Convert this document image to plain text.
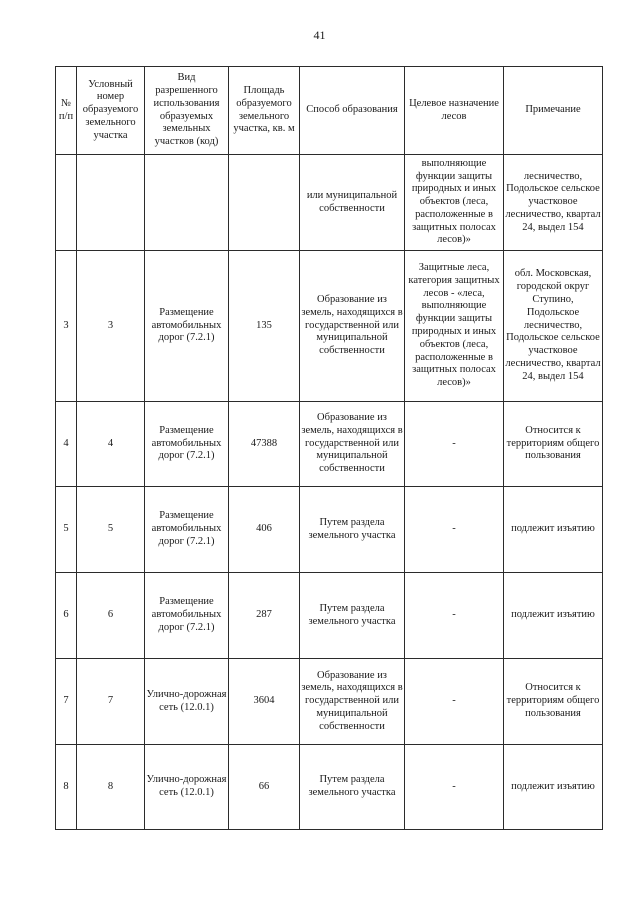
41
№ п/п	Условный номер образуемого земельного участка	Вид разрешенного использования образуемых земельных участков (код)	Площадь образуемого земельного участка, кв. м	Способ образования	Целевое назначение лесов	Примечание
				или муниципальной собственности	выполняющие функции защиты природных и иных объектов (леса, расположенные в защитных полосах лесов)»	лесничество, Подольское сельское участковое лесничество, квартал 24, выдел 154
3	3	Размещение автомобильных дорог (7.2.1)	135	Образование из земель, находящихся в государственной или муниципальной собственности	Защитные леса, категория защитных лесов - «леса, выполняющие функции защиты природных и иных объектов (леса, расположенные в защитных полосах лесов)»	обл. Московская, городской округ Ступино, Подольское лесничество, Подольское сельское участковое лесничество, квартал 24, выдел 154
4	4	Размещение автомобильных дорог (7.2.1)	47388	Образование из земель, находящихся в государственной или муниципальной собственности	-	Относится к территориям общего пользования
5	5	Размещение автомобильных дорог (7.2.1)	406	Путем раздела земельного участка	-	подлежит изъятию
6	6	Размещение автомобильных дорог (7.2.1)	287	Путем раздела земельного участка	-	подлежит изъятию
7	7	Улично-дорожная сеть (12.0.1)	3604	Образование из земель, находящихся в государственной или муниципальной собственности	-	Относится к территориям общего пользования
8	8	Улично-дорожная сеть (12.0.1)	66	Путем раздела земельного участка	-	подлежит изъятию
